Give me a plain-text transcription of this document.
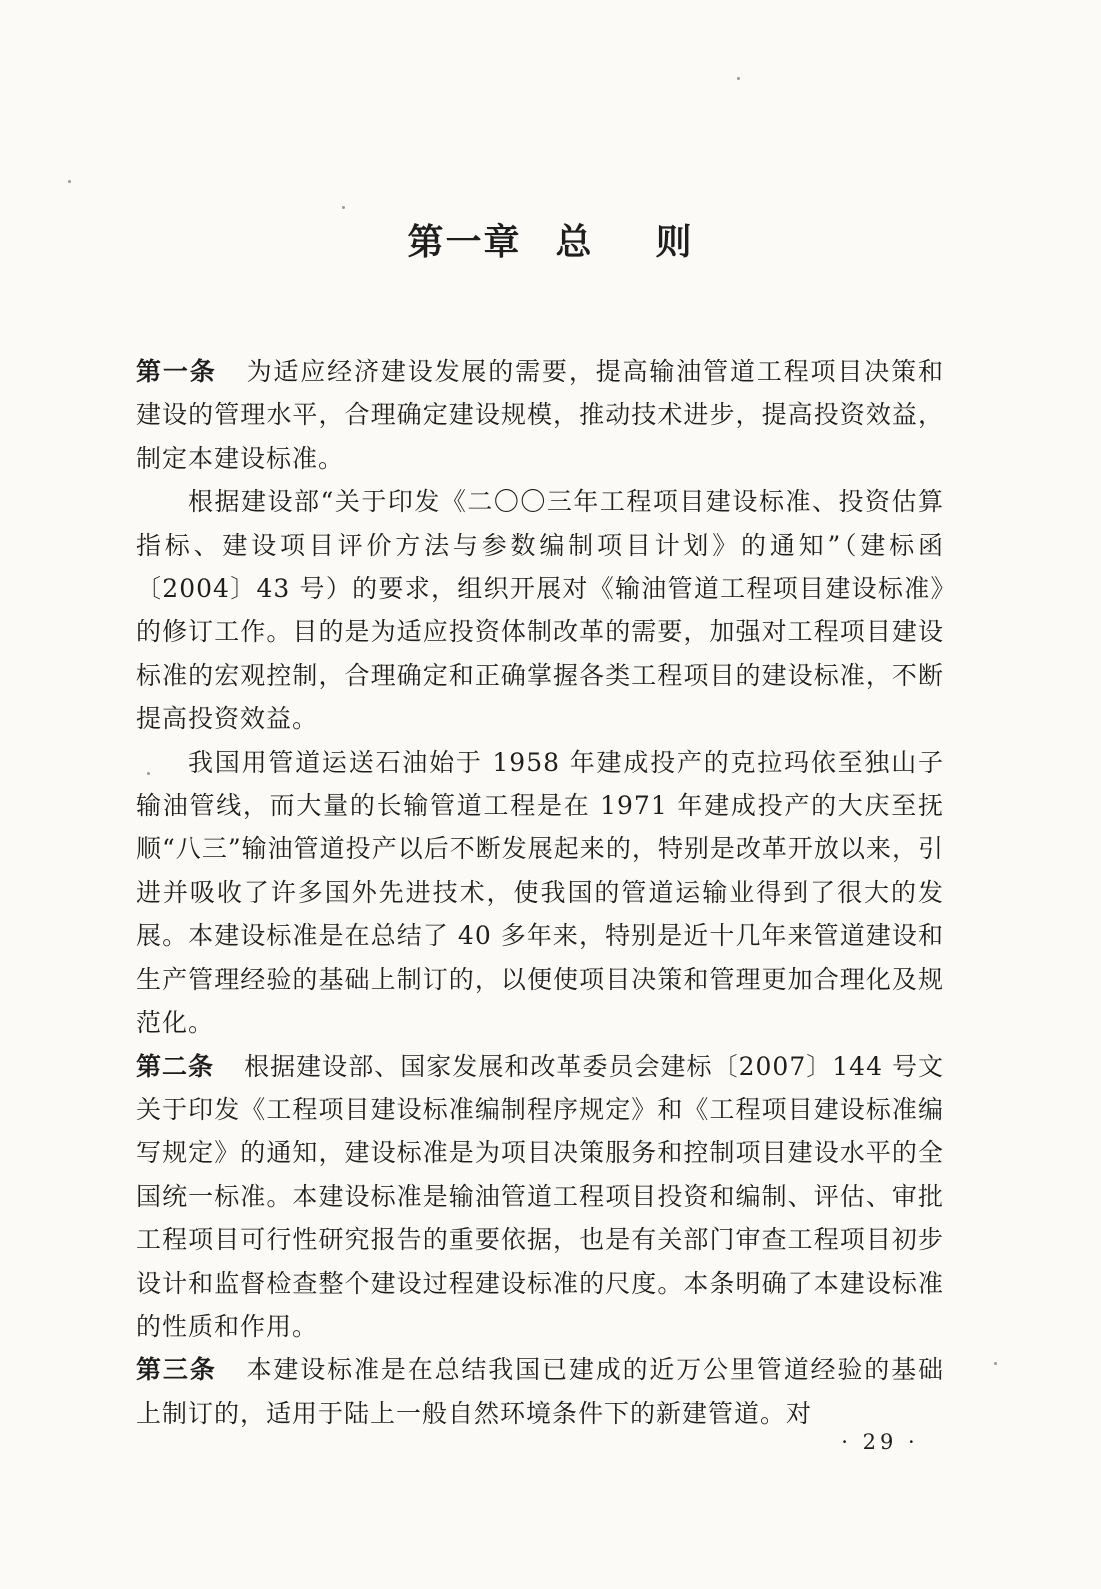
第一章 总 则

第一条 为适应经济建设发展的需要，提高输油管道工程项目决策和建设的管理水平，合理确定建设规模，推动技术进步，提高投资效益，制定本建设标准。

根据建设部“关于印发《二〇〇三年工程项目建设标准、投资估算指标、建设项目评价方法与参数编制项目计划》的通知”（建标函〔2004〕43 号）的要求，组织开展对《输油管道工程项目建设标准》的修订工作。目的是为适应投资体制改革的需要，加强对工程项目建设标准的宏观控制，合理确定和正确掌握各类工程项目的建设标准，不断提高投资效益。

我国用管道运送石油始于 1958 年建成投产的克拉玛依至独山子输油管线，而大量的长输管道工程是在 1971 年建成投产的大庆至抚顺“八三”输油管道投产以后不断发展起来的，特别是改革开放以来，引进并吸收了许多国外先进技术，使我国的管道运输业得到了很大的发展。本建设标准是在总结了 40 多年来，特别是近十几年来管道建设和生产管理经验的基础上制订的，以便使项目决策和管理更加合理化及规范化。

第二条 根据建设部、国家发展和改革委员会建标〔2007〕144 号文关于印发《工程项目建设标准编制程序规定》和《工程项目建设标准编写规定》的通知，建设标准是为项目决策服务和控制项目建设水平的全国统一标准。本建设标准是输油管道工程项目投资和编制、评估、审批工程项目可行性研究报告的重要依据，也是有关部门审查工程项目初步设计和监督检查整个建设过程建设标准的尺度。本条明确了本建设标准的性质和作用。

第三条 本建设标准是在总结我国已建成的近万公里管道经验的基础上制订的，适用于陆上一般自然环境条件下的新建管道。对

· 29 ·
